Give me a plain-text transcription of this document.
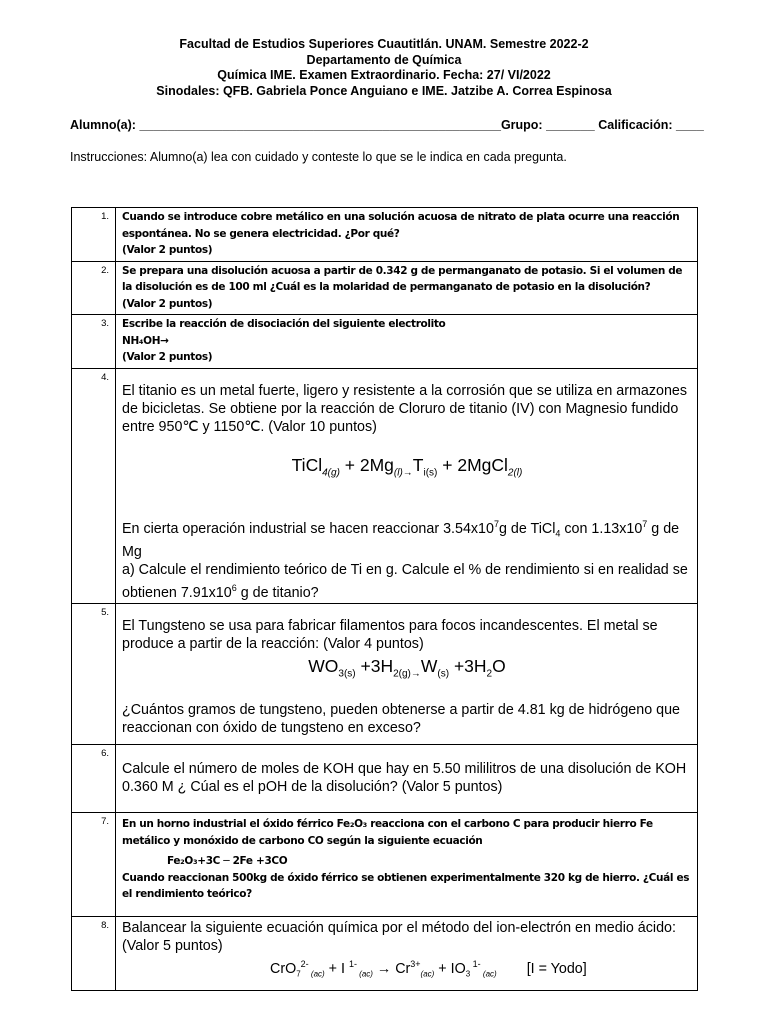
Facultad de Estudios Superiores Cuautitlán. UNAM. Semestre 2022-2
Departamento de Química
Química IME. Examen Extraordinario. Fecha: 27/ VI/2022
Sinodales: QFB. Gabriela Ponce Anguiano e IME. Jatzibe A. Correa Espinosa
Alumno(a): ____________________________________________________Grupo: _______ Calificación: ____
Instrucciones: Alumno(a) lea con cuidado y conteste lo que se le indica en cada pregunta.
1.	Cuando se introduce cobre metálico en una solución acuosa de nitrato de plata ocurre una reacción
espontánea. No se genera electricidad. ¿Por qué?
(Valor 2 puntos)

2.	Se prepara una disolución acuosa a partir de 0.342 g de permanganato de potasio. Si el volumen de
la disolución es de 100 ml ¿Cuál es la molaridad de permanganato de potasio en la disolución?
(Valor 2 puntos)

3.	Escribe la reacción de disociación del siguiente electrolito
NH₄OH→
(Valor 2 puntos)

4.	El titanio es un metal fuerte, ligero y resistente a la corrosión que se utiliza en armazones de bicicletas. Se obtiene por la reacción de Cloruro de titanio (IV) con Magnesio fundido entre 950℃ y 1150℃. (Valor 10 puntos)
TiCl$_{4(g)}$ + $2Mg_{(l)\to}T_{i(s)}$ + 2MgCl$_{2(l)}$
En cierta operación industrial se hacen reaccionar $3.54x10^7g$ de TiCl$_4$ con $1.13x10^7$ g de Mg
a) Calcule el rendimiento teórico de Ti en g. Calcule el % de rendimiento si en realidad se obtienen $7.91x10^6$ g de titanio?

5.	El Tungsteno se usa para fabricar filamentos para focos incandescentes. El metal se produce a partir de la reacción: (Valor 4 puntos)
$WO_{3(s)} +3H_{2(g)\to}W_{(s)} +3H_2O$
¿Cuántos gramos de tungsteno, pueden obtenerse a partir de 4.81 kg de hidrógeno que reaccionan con óxido de tungsteno en exceso?

6.	Calcule el número de moles de KOH que hay en 5.50 mililitros de una disolución de KOH 0.360 M ¿ Cúal es el pOH de la disolución? (Valor 5 puntos)
7.	En un horno industrial el óxido férrico Fe₂O₃ reacciona con el carbono C para producir hierro Fe
metálico y monóxido de carbono CO según la siguiente ecuación
Fe₂O₃+3C ─ 2Fe +3CO
Cuando reaccionan 500kg de óxido férrico se obtienen experimentalmente 320 kg de hierro. ¿Cuál es
el rendimiento teórico?

8.	Balancear la siguiente ecuación química por el método del ion-electrón en medio ácido:
(Valor 5 puntos)
CrO$_7^{2-}$ $_{(ac)}$ + I $^{1-}$ $_{(ac)} \to Cr^{3+}_{(ac)} + IO_3$ $^{1-}$ $_{(ac)}$ [I = Yodo]
